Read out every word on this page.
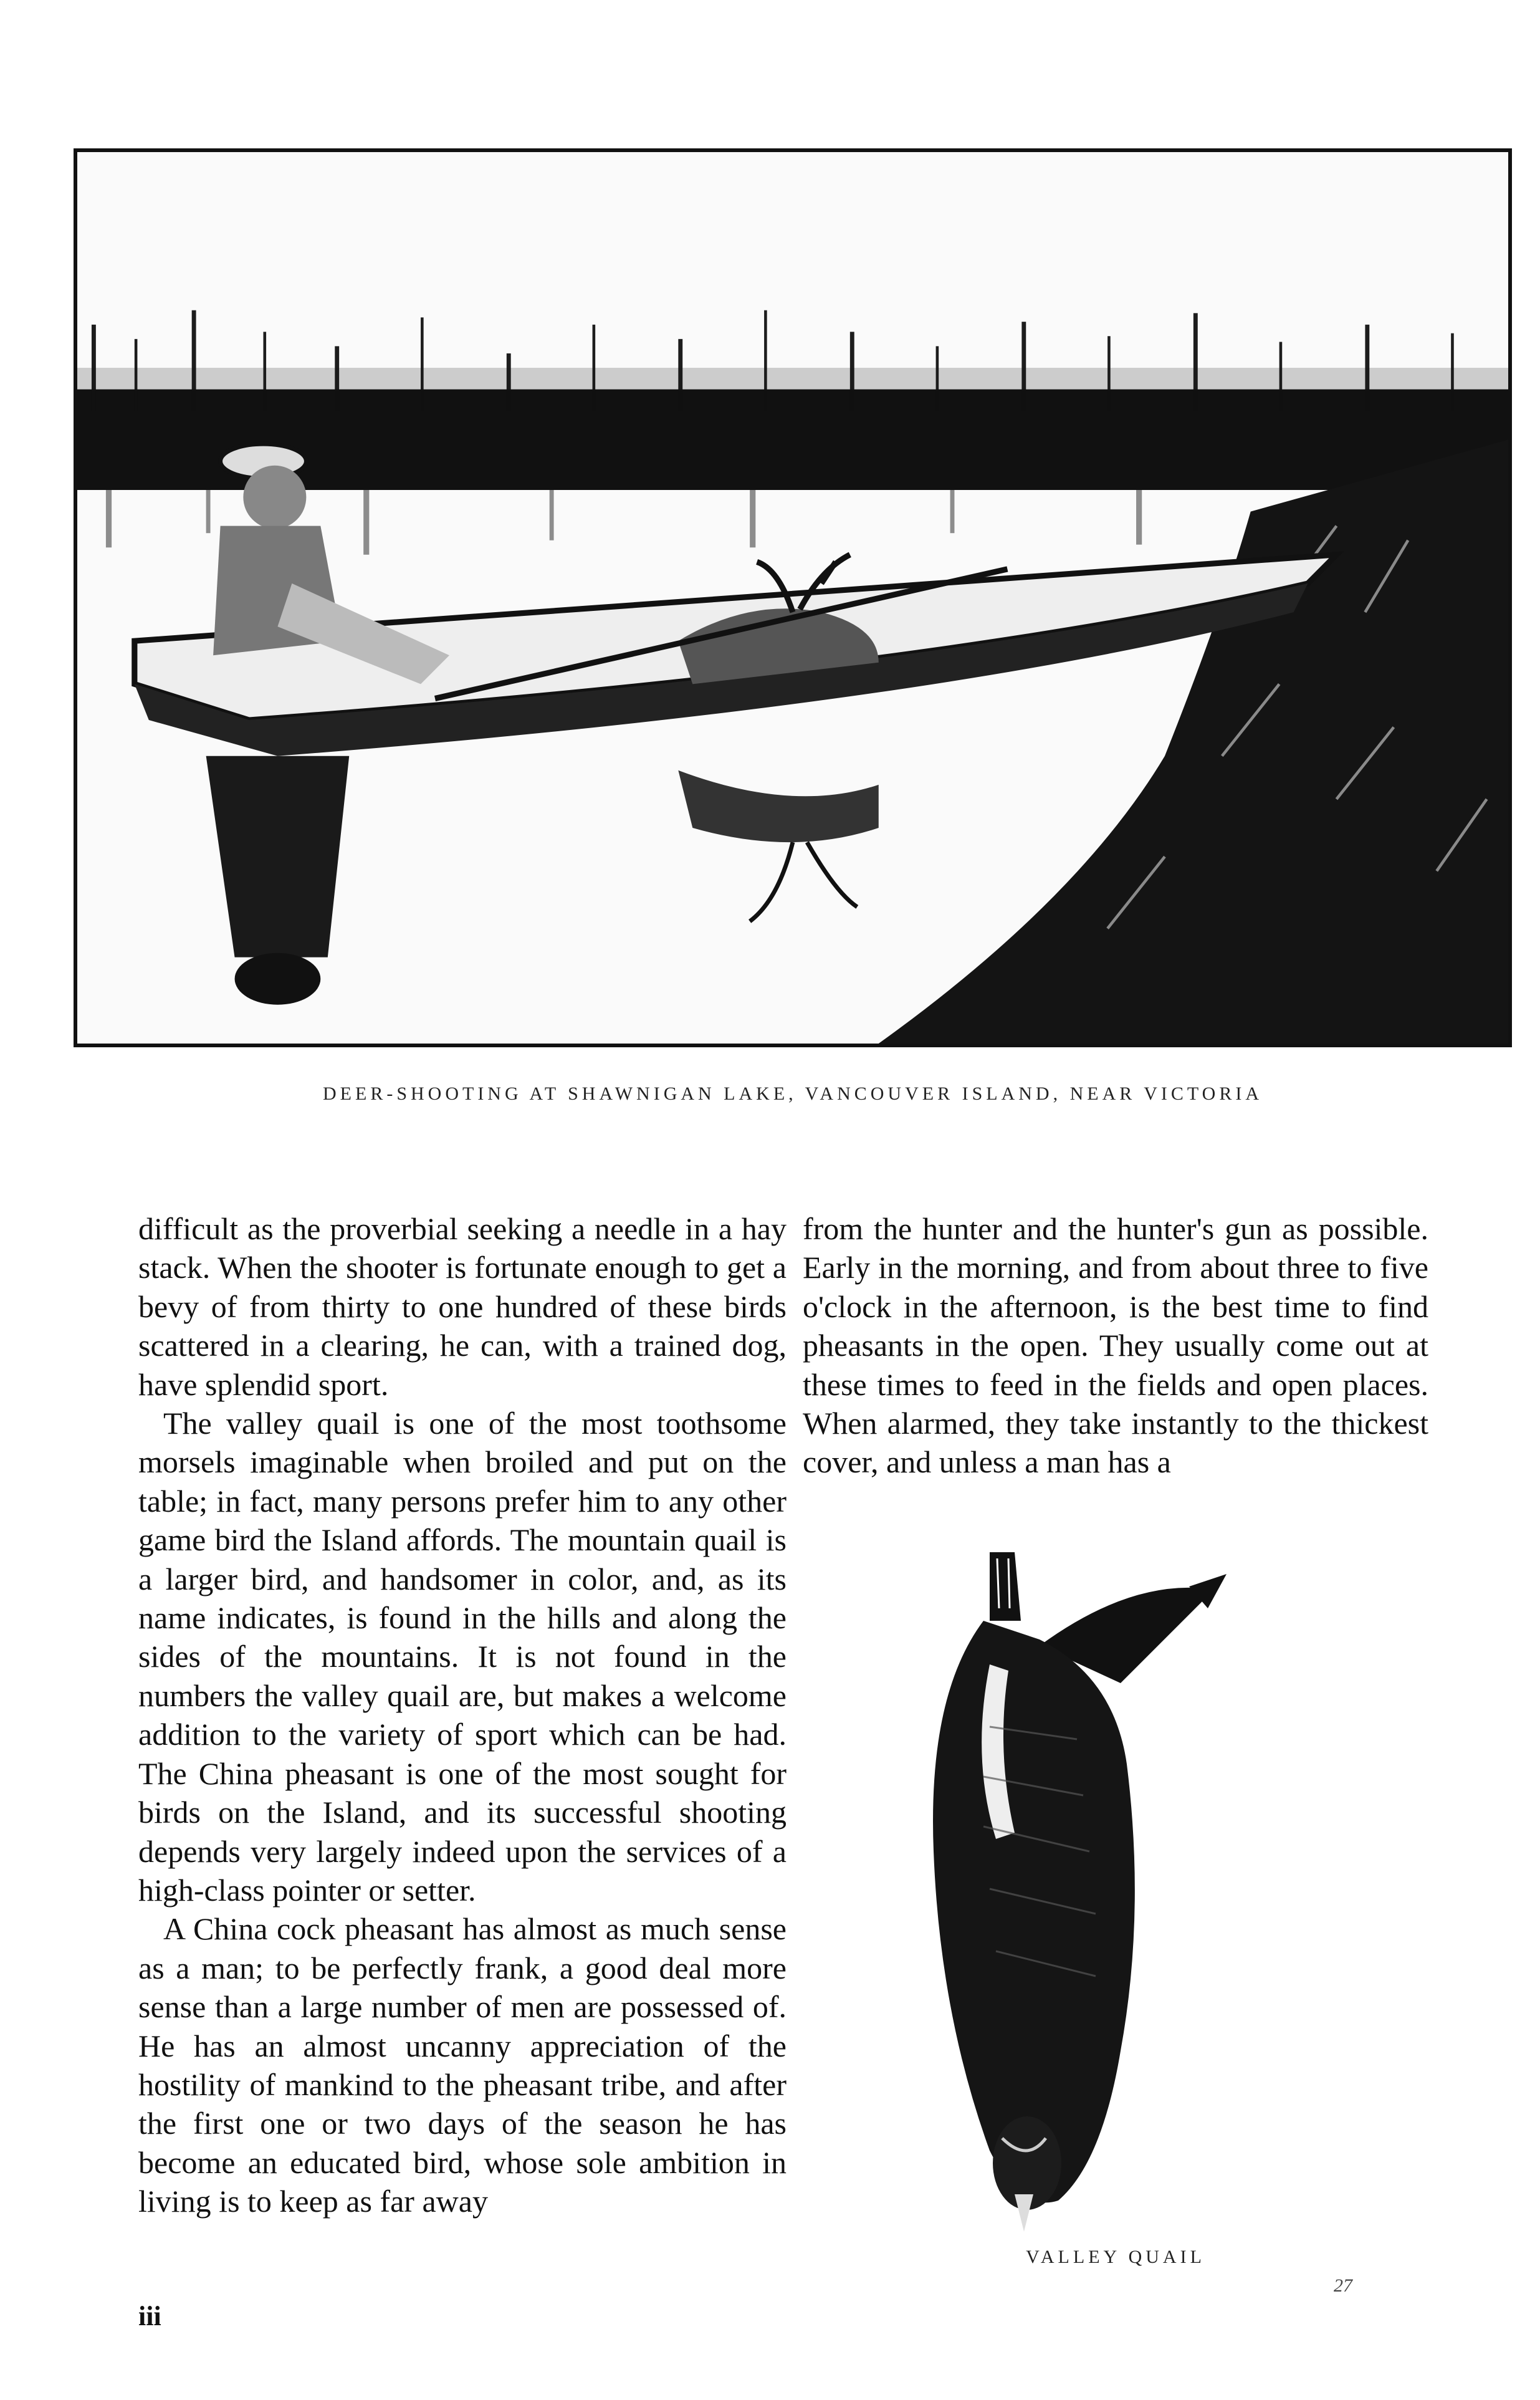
DEER-SHOOTING AT SHAWNIGAN LAKE, VANCOUVER ISLAND, NEAR VICTORIA

difficult as the proverbial seeking a needle in a hay stack. When the shooter is fortunate enough to get a bevy of from thirty to one hundred of these birds scattered in a clearing, he can, with a trained dog, have splendid sport.

The valley quail is one of the most toothsome morsels imaginable when broiled and put on the table; in fact, many persons prefer him to any other game bird the Island affords. The mountain quail is a larger bird, and handsomer in color, and, as its name indicates, is found in the hills and along the sides of the mountains. It is not found in the numbers the valley quail are, but makes a welcome addition to the variety of sport which can be had. The China pheasant is one of the most sought for birds on the Island, and its successful shooting depends very largely indeed upon the services of a high-class pointer or setter.

A China cock pheasant has almost as much sense as a man; to be perfectly frank, a good deal more sense than a large number of men are possessed of. He has an almost uncanny appreciation of the hostility of mankind to the pheasant tribe, and after the first one or two days of the season he has become an educated bird, whose sole ambition in living is to keep as far away

from the hunter and the hunter's gun as possible. Early in the morning, and from about three to five o'clock in the afternoon, is the best time to find pheasants in the open. They usually come out at these times to feed in the fields and open places. When alarmed, they take instantly to the thickest cover, and unless a man has a

VALLEY QUAIL
iii
27
